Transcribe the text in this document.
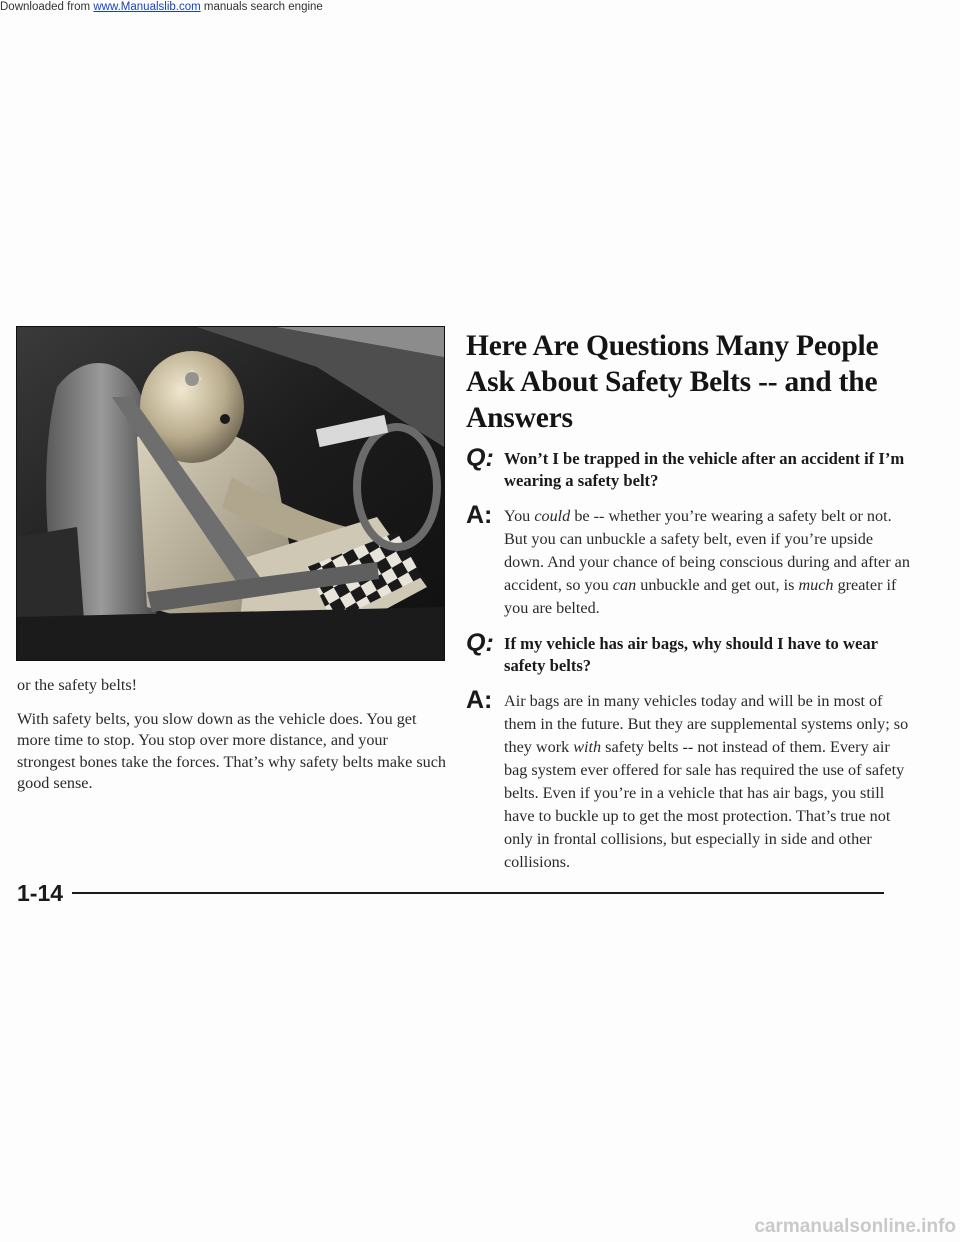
Downloaded from www.Manualslib.com manuals search engine

or the safety belts!

With safety belts, you slow down as the vehicle does. You get more time to stop. You stop over more distance, and your strongest bones take the forces. That’s why safety belts make such good sense.

Here Are Questions Many People Ask About Safety Belts -- and the Answers
Q: Won’t I be trapped in the vehicle after an accident if I’m wearing a safety belt?
A: You could be -- whether you’re wearing a safety belt or not. But you can unbuckle a safety belt, even if you’re upside down. And your chance of being conscious during and after an accident, so you can unbuckle and get out, is much greater if you are belted.
Q: If my vehicle has air bags, why should I have to wear safety belts?
A: Air bags are in many vehicles today and will be in most of them in the future. But they are supplemental systems only; so they work with safety belts -- not instead of them. Every air bag system ever offered for sale has required the use of safety belts. Even if you’re in a vehicle that has air bags, you still have to buckle up to get the most protection. That’s true not only in frontal collisions, but especially in side and other collisions.
1-14
carmanualsonline.info
